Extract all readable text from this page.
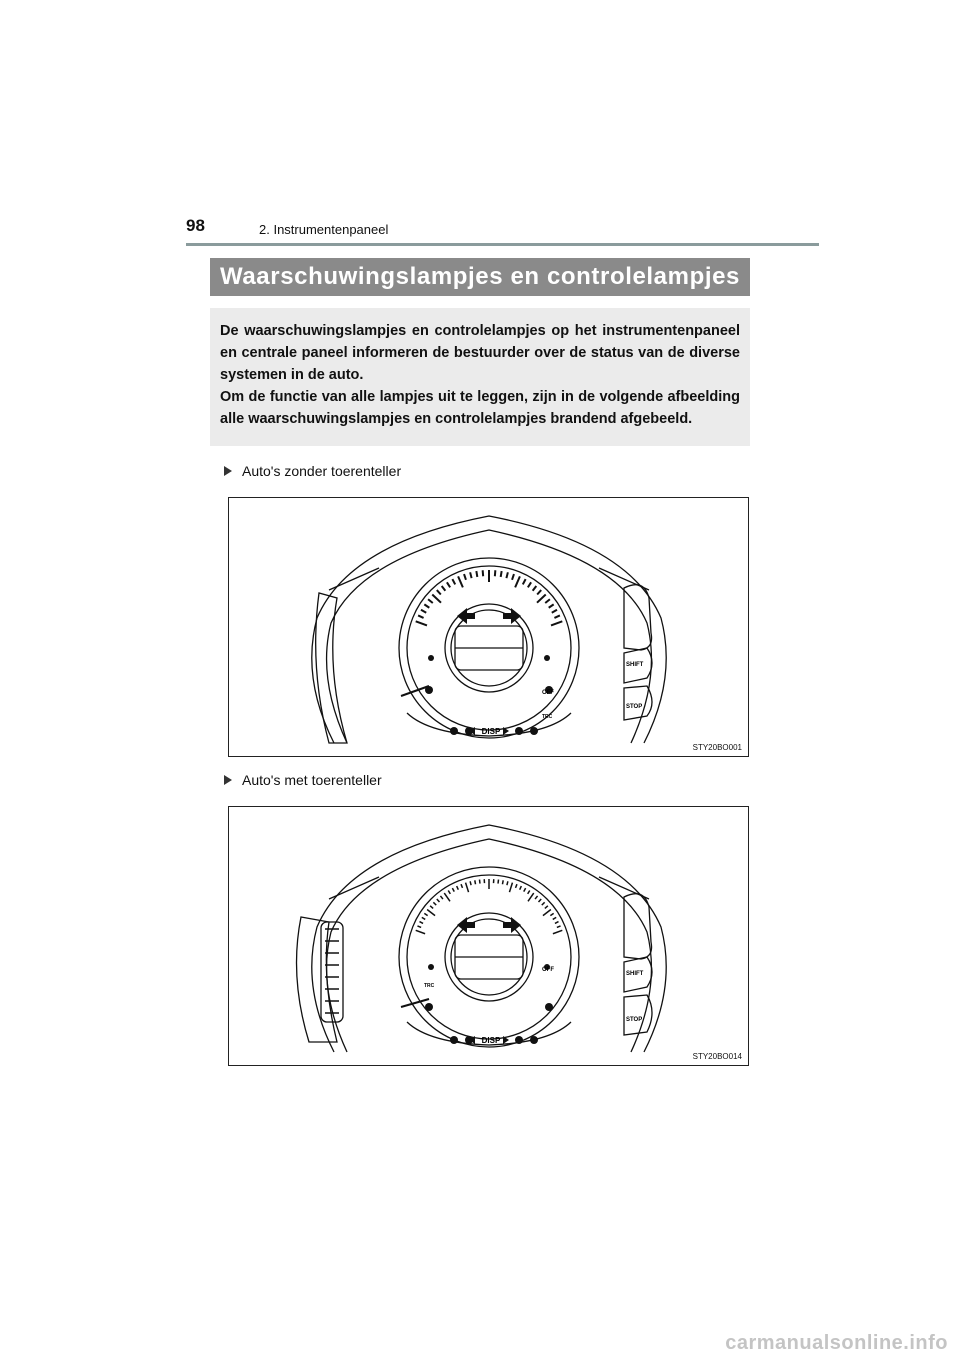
98	2. Instrumentenpaneel
Waarschuwingslampjes en controlelampjes

De waarschuwingslampjes en controlelampjes op het instrumentenpaneel en centrale paneel informeren de bestuurder over de status van de diverse systemen in de auto.

Om de functie van alle lampjes uit te leggen, zijn in de volgende afbeelding alle waarschuwingslampjes en controlelampjes brandend afgebeeld.

Auto's zonder toerenteller
DISP
SHIFT
STOP
OFF
TRC
STY20BO001
Auto's met toerenteller
DISP
SHIFT
STOP
OFF
TRC
STY20BO014
carmanualsonline.info
